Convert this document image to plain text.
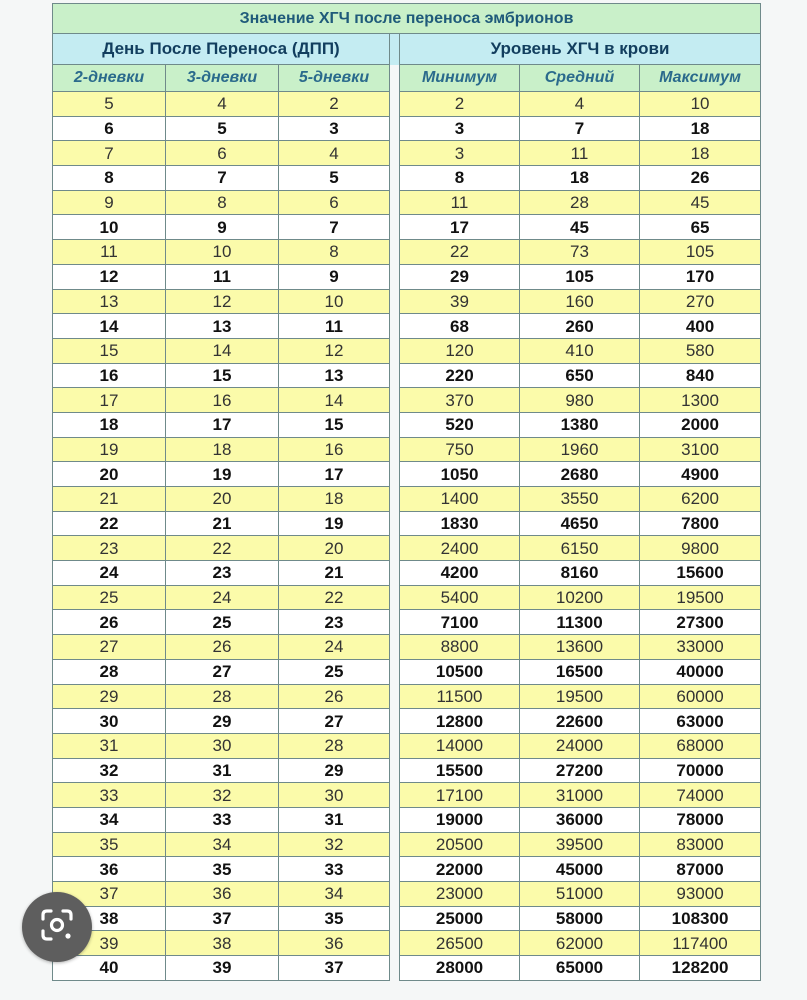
Значение ХГЧ после переноса эмбрионов						
День После Переноса (ДПП)				Уровень ХГЧ в крови		
2-дневки	3-дневки	5-дневки		Минимум	Средний	Максимум
5	4	2		2	4	10
6	5	3		3	7	18
7	6	4		3	11	18
8	7	5		8	18	26
9	8	6		11	28	45
10	9	7		17	45	65
11	10	8		22	73	105
12	11	9		29	105	170
13	12	10		39	160	270
14	13	11		68	260	400
15	14	12		120	410	580
16	15	13		220	650	840
17	16	14		370	980	1300
18	17	15		520	1380	2000
19	18	16		750	1960	3100
20	19	17		1050	2680	4900
21	20	18		1400	3550	6200
22	21	19		1830	4650	7800
23	22	20		2400	6150	9800
24	23	21		4200	8160	15600
25	24	22		5400	10200	19500
26	25	23		7100	11300	27300
27	26	24		8800	13600	33000
28	27	25		10500	16500	40000
29	28	26		11500	19500	60000
30	29	27		12800	22600	63000
31	30	28		14000	24000	68000
32	31	29		15500	27200	70000
33	32	30		17100	31000	74000
34	33	31		19000	36000	78000
35	34	32		20500	39500	83000
36	35	33		22000	45000	87000
37	36	34		23000	51000	93000
38	37	35		25000	58000	108300
39	38	36		26500	62000	117400
40	39	37		28000	65000	128200
